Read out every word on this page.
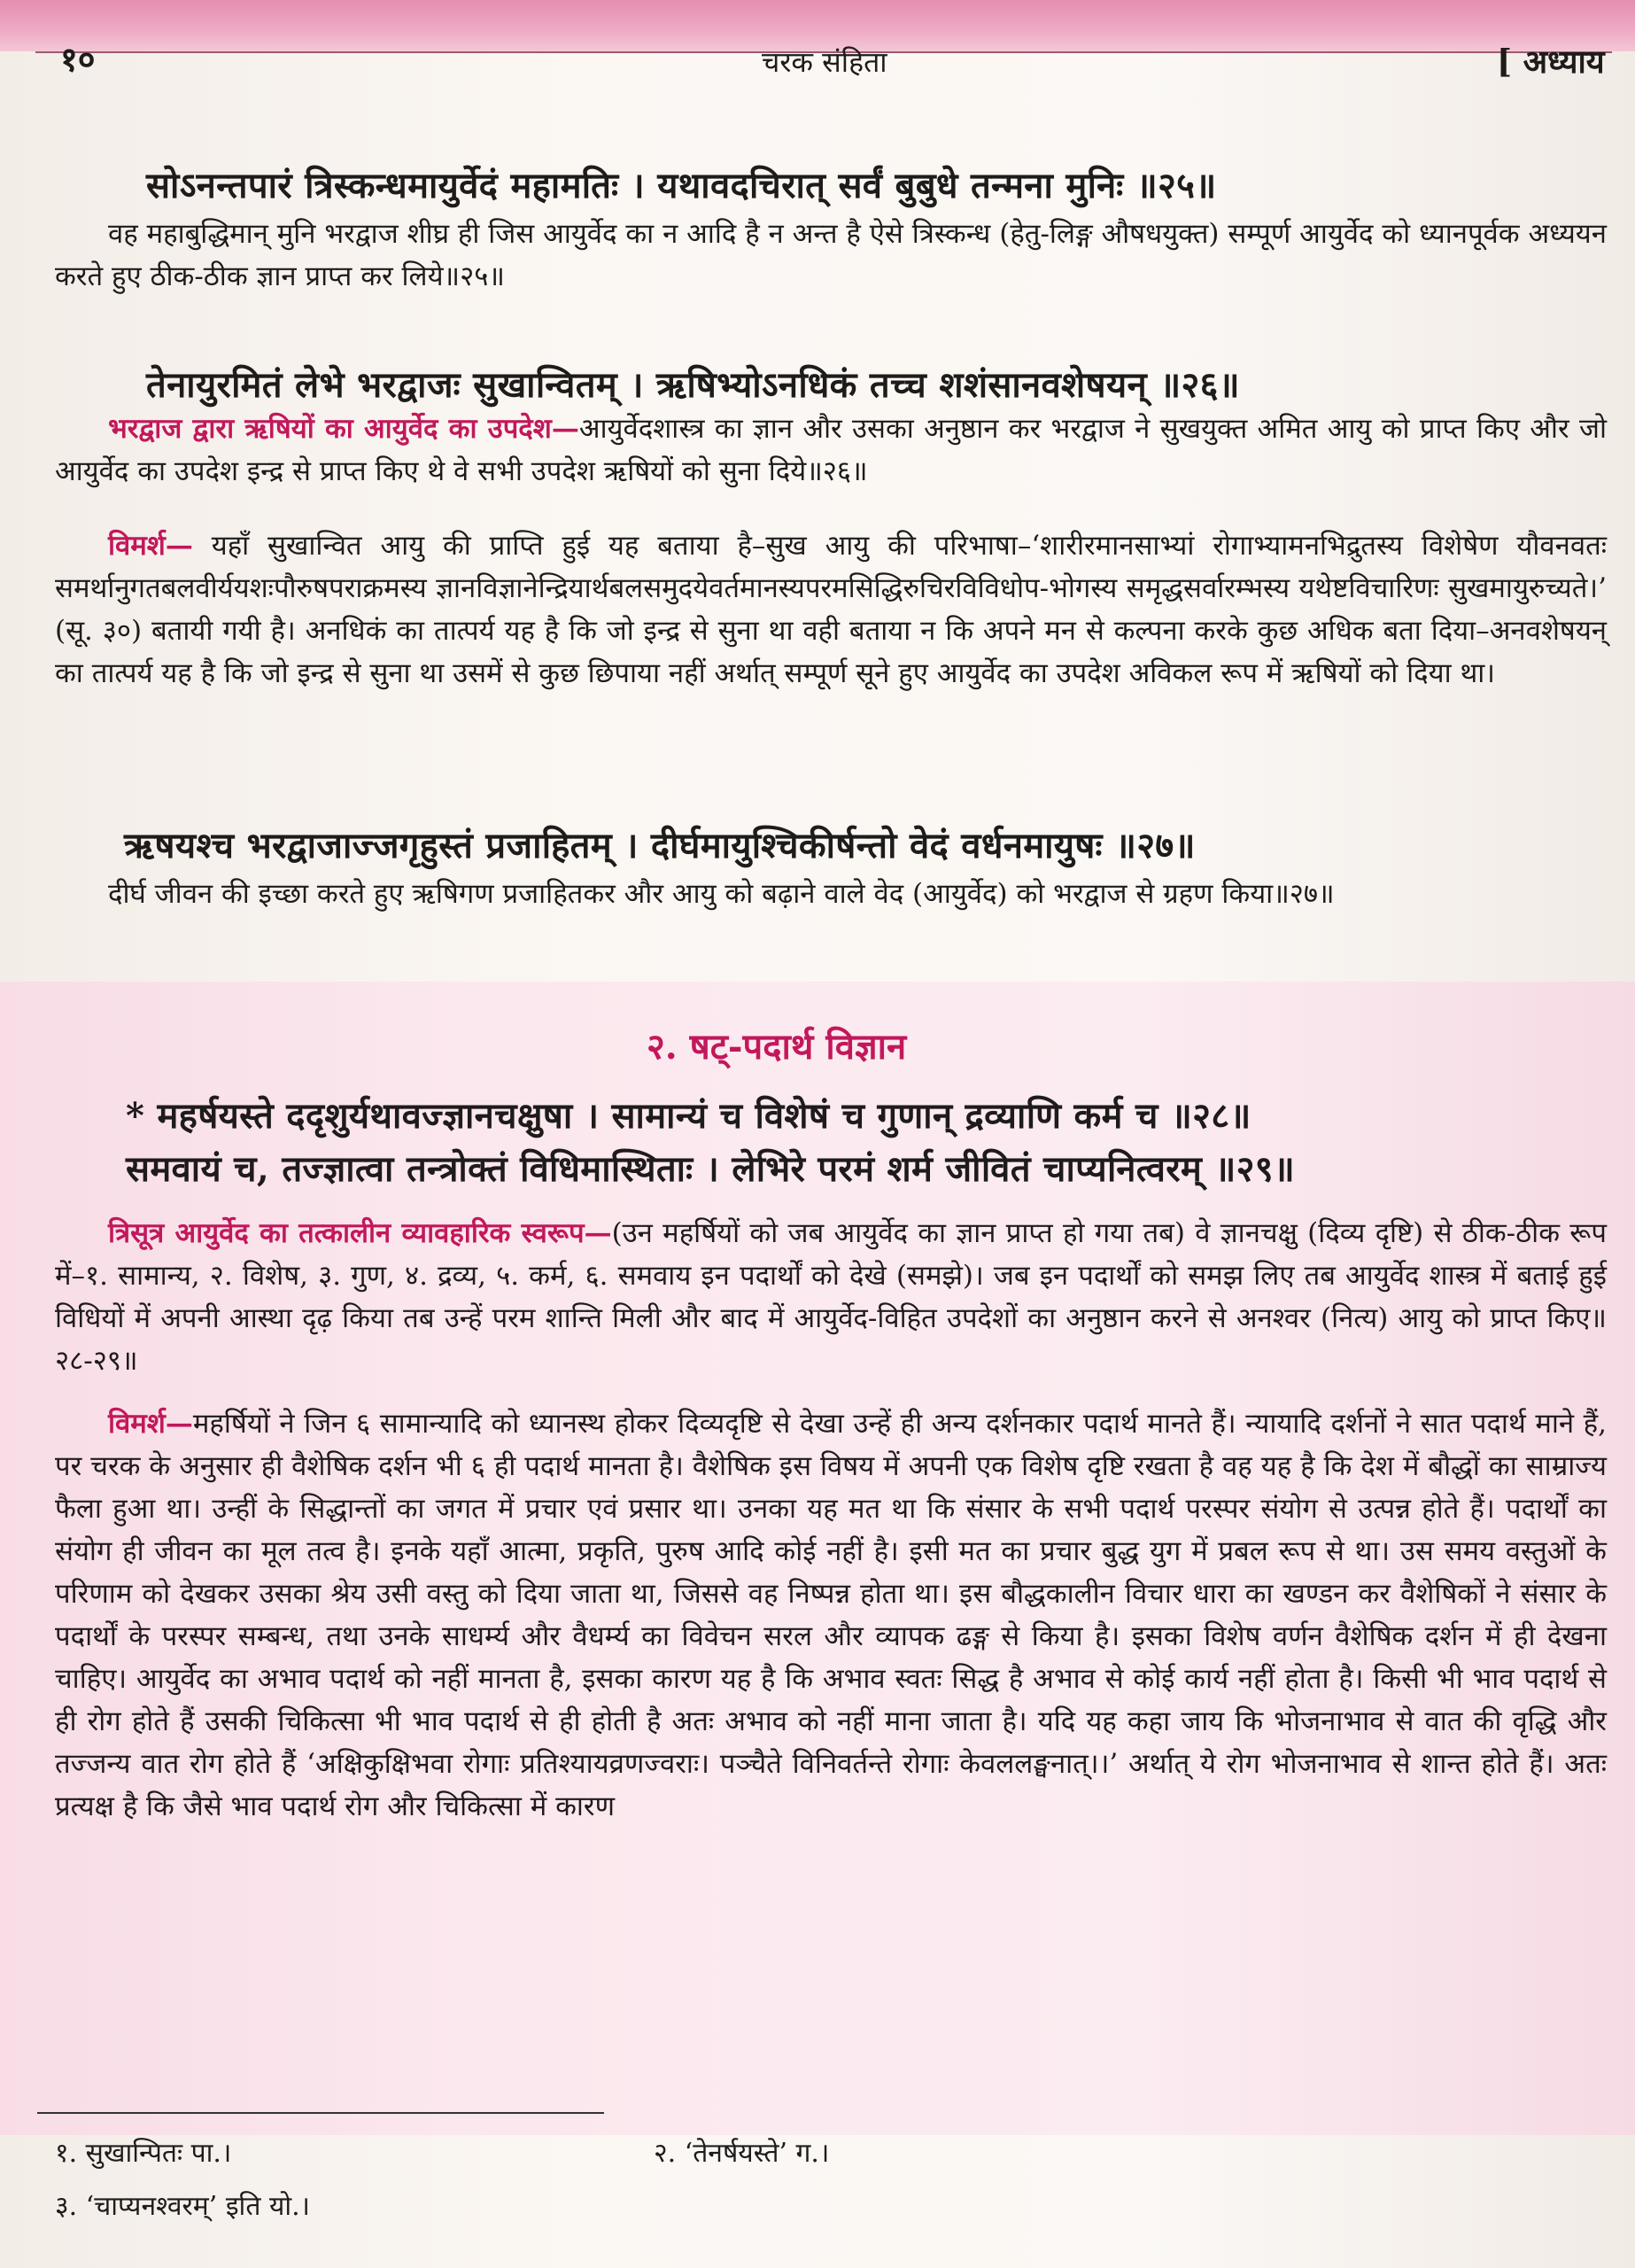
१०	चरक संहिता	[ अध्याय
सोऽनन्तपारं त्रिस्कन्धमायुर्वेदं महामतिः । यथावदचिरात् सर्वं बुबुधे तन्मना मुनिः ॥२५॥
वह महाबुद्धिमान् मुनि भरद्वाज शीघ्र ही जिस आयुर्वेद का न आदि है न अन्त है ऐसे त्रिस्कन्ध (हेतु-लिङ्ग औषधयुक्त) सम्पूर्ण आयुर्वेद को ध्यानपूर्वक अध्ययन करते हुए ठीक-ठीक ज्ञान प्राप्त कर लिये॥२५॥
तेनायुरमितं लेभे भरद्वाजः सुखान्वितम् । ऋषिभ्योऽनधिकं तच्च शशंसानवशेषयन् ॥२६॥
भरद्वाज द्वारा ऋषियों का आयुर्वेद का उपदेश—आयुर्वेदशास्त्र का ज्ञान और उसका अनुष्ठान कर भरद्वाज ने सुखयुक्त अमित आयु को प्राप्त किए और जो आयुर्वेद का उपदेश इन्द्र से प्राप्त किए थे वे सभी उपदेश ऋषियों को सुना दिये॥२६॥
विमर्श— यहाँ सुखान्वित आयु की प्राप्ति हुई यह बताया है–सुख आयु की परिभाषा–‘शारीरमानसाभ्यां रोगाभ्यामनभिद्रुतस्य विशेषेण यौवनवतः समर्थानुगतबलवीर्ययशःपौरुषपराक्रमस्य ज्ञानविज्ञानेन्द्रियार्थबलसमुदयेवर्तमानस्यपरमसिद्धिरुचिरविविधोप-भोगस्य समृद्धसर्वारम्भस्य यथेष्टविचारिणः सुखमायुरुच्यते।’ (सू. ३०) बतायी गयी है। अनधिकं का तात्पर्य यह है कि जो इन्द्र से सुना था वही बताया न कि अपने मन से कल्पना करके कुछ अधिक बता दिया–अनवशेषयन् का तात्पर्य यह है कि जो इन्द्र से सुना था उसमें से कुछ छिपाया नहीं अर्थात् सम्पूर्ण सूने हुए आयुर्वेद का उपदेश अविकल रूप में ऋषियों को दिया था।
ऋषयश्च भरद्वाजाज्जगृहुस्तं प्रजाहितम् । दीर्घमायुश्चिकीर्षन्तो वेदं वर्धनमायुषः ॥२७॥
दीर्घ जीवन की इच्छा करते हुए ऋषिगण प्रजाहितकर और आयु को बढ़ाने वाले वेद (आयुर्वेद) को भरद्वाज से ग्रहण किया॥२७॥
२. षट्-पदार्थ विज्ञान
* महर्षयस्ते ददृशुर्यथावज्ज्ञानचक्षुषा । सामान्यं च विशेषं च गुणान् द्रव्याणि कर्म च ॥२८॥
समवायं च, तज्ज्ञात्वा तन्त्रोक्तं विधिमास्थिताः । लेभिरे परमं शर्म जीवितं चाप्यनित्वरम् ॥२९॥
त्रिसूत्र आयुर्वेद का तत्कालीन व्यावहारिक स्वरूप—(उन महर्षियों को जब आयुर्वेद का ज्ञान प्राप्त हो गया तब) वे ज्ञानचक्षु (दिव्य दृष्टि) से ठीक-ठीक रूप में–१. सामान्य, २. विशेष, ३. गुण, ४. द्रव्य, ५. कर्म, ६. समवाय इन पदार्थों को देखे (समझे)। जब इन पदार्थों को समझ लिए तब आयुर्वेद शास्त्र में बताई हुई विधियों में अपनी आस्था दृढ़ किया तब उन्हें परम शान्ति मिली और बाद में आयुर्वेद-विहित उपदेशों का अनुष्ठान करने से अनश्वर (नित्य) आयु को प्राप्त किए॥२८-२९॥
विमर्श—महर्षियों ने जिन ६ सामान्यादि को ध्यानस्थ होकर दिव्यदृष्टि से देखा उन्हें ही अन्य दर्शनकार पदार्थ मानते हैं। न्यायादि दर्शनों ने सात पदार्थ माने हैं, पर चरक के अनुसार ही वैशेषिक दर्शन भी ६ ही पदार्थ मानता है। वैशेषिक इस विषय में अपनी एक विशेष दृष्टि रखता है वह यह है कि देश में बौद्धों का साम्राज्य फैला हुआ था। उन्हीं के सिद्धान्तों का जगत में प्रचार एवं प्रसार था। उनका यह मत था कि संसार के सभी पदार्थ परस्पर संयोग से उत्पन्न होते हैं। पदार्थों का संयोग ही जीवन का मूल तत्व है। इनके यहाँ आत्मा, प्रकृति, पुरुष आदि कोई नहीं है। इसी मत का प्रचार बुद्ध युग में प्रबल रूप से था। उस समय वस्तुओं के परिणाम को देखकर उसका श्रेय उसी वस्तु को दिया जाता था, जिससे वह निष्पन्न होता था। इस बौद्धकालीन विचार धारा का खण्डन कर वैशेषिकों ने संसार के पदार्थों के परस्पर सम्बन्ध, तथा उनके साधर्म्य और वैधर्म्य का विवेचन सरल और व्यापक ढङ्ग से किया है। इसका विशेष वर्णन वैशेषिक दर्शन में ही देखना चाहिए। आयुर्वेद का अभाव पदार्थ को नहीं मानता है, इसका कारण यह है कि अभाव स्वतः सिद्ध है अभाव से कोई कार्य नहीं होता है। किसी भी भाव पदार्थ से ही रोग होते हैं उसकी चिकित्सा भी भाव पदार्थ से ही होती है अतः अभाव को नहीं माना जाता है। यदि यह कहा जाय कि भोजनाभाव से वात की वृद्धि और तज्जन्य वात रोग होते हैं ‘अक्षिकुक्षिभवा रोगाः प्रतिश्यायव्रणज्वराः। पञ्चैते विनिवर्तन्ते रोगाः केवललङ्घनात्।।’ अर्थात् ये रोग भोजनाभाव से शान्त होते हैं। अतः प्रत्यक्ष है कि जैसे भाव पदार्थ रोग और चिकित्सा में कारण
१. सुखान्पितः पा.।	२. ‘तेनर्षयस्ते’ ग.।
३. ‘चाप्यनश्वरम्’ इति यो.।
